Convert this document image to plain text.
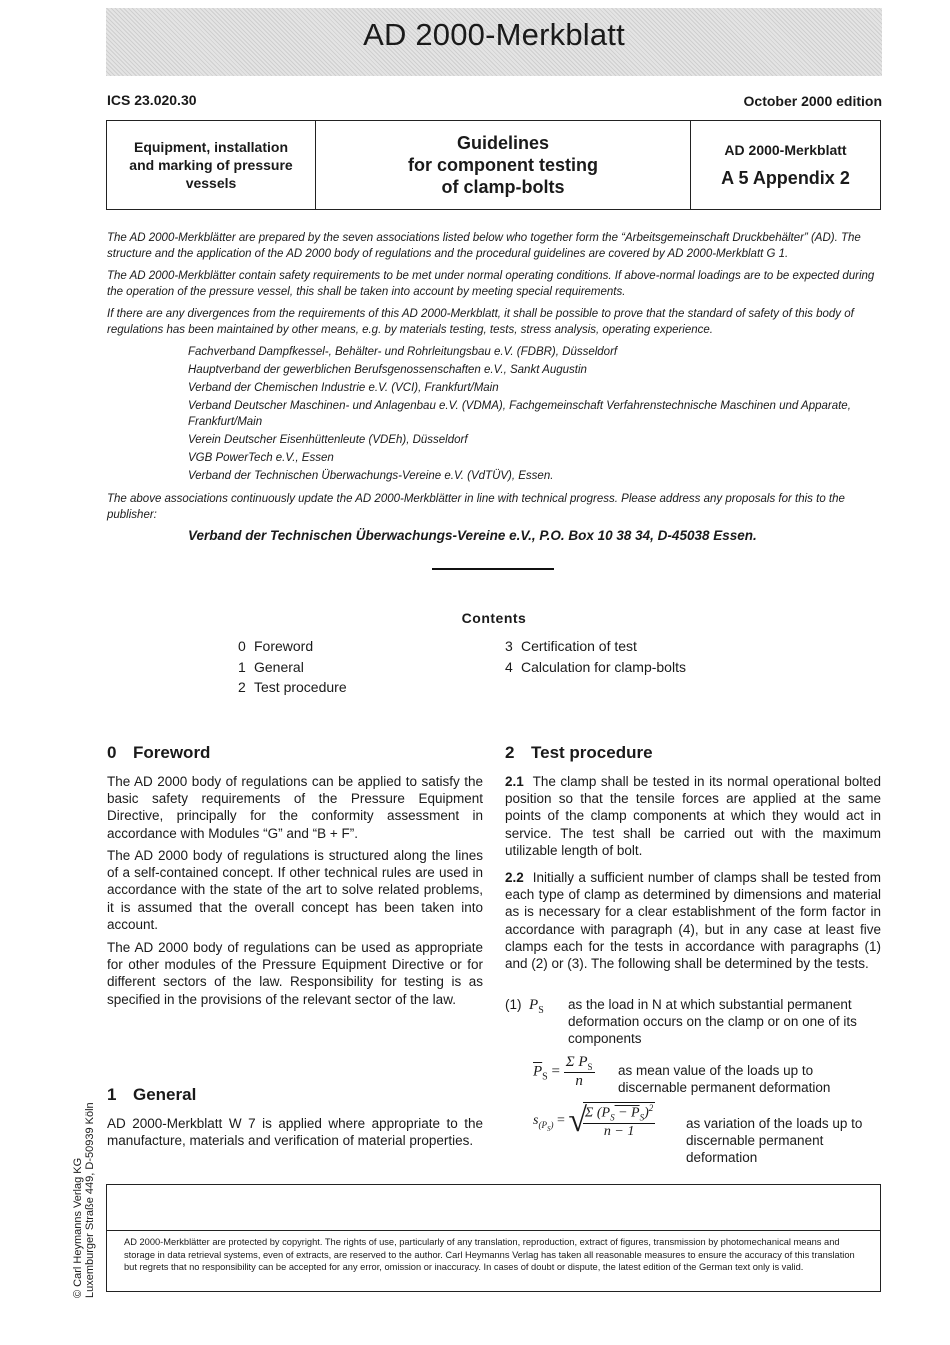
AD 2000-Merkblatt
ICS 23.020.30	October 2000 edition
Equipment, installation
and marking of pressure
vessels
Guidelines
for component testing
of clamp-bolts
AD 2000-Merkblatt
A 5 Appendix 2
The AD 2000-Merkblätter are prepared by the seven associations listed below who together form the “Arbeitsgemeinschaft Druckbehälter” (AD). The structure and the application of the AD 2000 body of regulations and the procedural guidelines are covered by AD 2000-Merkblatt G 1.
The AD 2000-Merkblätter contain safety requirements to be met under normal operating conditions. If above-normal loadings are to be expected during the operation of the pressure vessel, this shall be taken into account by meeting special requirements.
If there are any divergences from the requirements of this AD 2000-Merkblatt, it shall be possible to prove that the standard of safety of this body of regulations has been maintained by other means, e.g. by materials testing, tests, stress analysis, operating experience.
Fachverband Dampfkessel-, Behälter- und Rohrleitungsbau e.V. (FDBR), Düsseldorf
Hauptverband der gewerblichen Berufsgenossenschaften e.V., Sankt Augustin
Verband der Chemischen Industrie e.V. (VCI), Frankfurt/Main
Verband Deutscher Maschinen- und Anlagenbau e.V. (VDMA), Fachgemeinschaft Verfahrenstechnische Maschinen und Apparate, Frankfurt/Main
Verein Deutscher Eisenhüttenleute (VDEh), Düsseldorf
VGB PowerTech e.V., Essen
Verband der Technischen Überwachungs-Vereine e.V. (VdTÜV), Essen.
The above associations continuously update the AD 2000-Merkblätter in line with technical progress. Please address any proposals for this to the publisher:
Verband der Technischen Überwachungs-Vereine e.V., P.O. Box 10 38 34, D-45038 Essen.
Contents
0 Foreword
1 General
2 Test procedure
3 Certification of test
4 Calculation for clamp-bolts
0 Foreword
The AD 2000 body of regulations can be applied to satisfy the basic safety requirements of the Pressure Equipment Directive, principally for the conformity assessment in accordance with Modules “G” and “B + F”.
The AD 2000 body of regulations is structured along the lines of a self-contained concept. If other technical rules are used in accordance with the state of the art to solve related problems, it is assumed that the overall concept has been taken into account.
The AD 2000 body of regulations can be used as appropriate for other modules of the Pressure Equipment Directive or for different sectors of the law. Responsibility for testing is as specified in the provisions of the relevant sector of the law.
1 General
AD 2000-Merkblatt W 7 is applied where appropriate to the manufacture, materials and verification of material properties.
2 Test procedure
2.1 The clamp shall be tested in its normal operational bolted position so that the tensile forces are applied at the same points of the clamp components at which they would act in service. The test shall be carried out with the maximum utilizable length of bolt.
2.2 Initially a sufficient number of clamps shall be tested from each type of clamp as determined by dimensions and material as is necessary for a clear establishment of the form factor in accordance with paragraph (4), but in any case at least five clamps each for the tests in accordance with paragraphs (1) and (2) or (3). The following shall be determined by the tests.
(1) $P_S$	as the load in N at which substantial permanent deformation occurs on the clamp or on one of its components
$\overline{P}_S = \frac{\Sigma P_S}{n}$ as mean value of the loads up to discernable permanent deformation
$s_{(P_S)}$ = √
$\frac{\Sigma (P_S - P_S)^2}{n - 1}$ as variation of the loads up to discernable permanent deformation
AD 2000-Merkblätter are protected by copyright. The rights of use, particularly of any translation, reproduction, extract of figures, transmission by photomechanical means and storage in data retrieval systems, even of extracts, are reserved to the author. Carl Heymanns Verlag has taken all reasonable measures to ensure the accuracy of this translation but regrets that no responsibility can be accepted for any error, omission or inaccuracy. In cases of doubt or dispute, the latest edition of the German text only is valid.
© Carl Heymanns Verlag KG Luxemburger Straße 449, D-50939 Köln
